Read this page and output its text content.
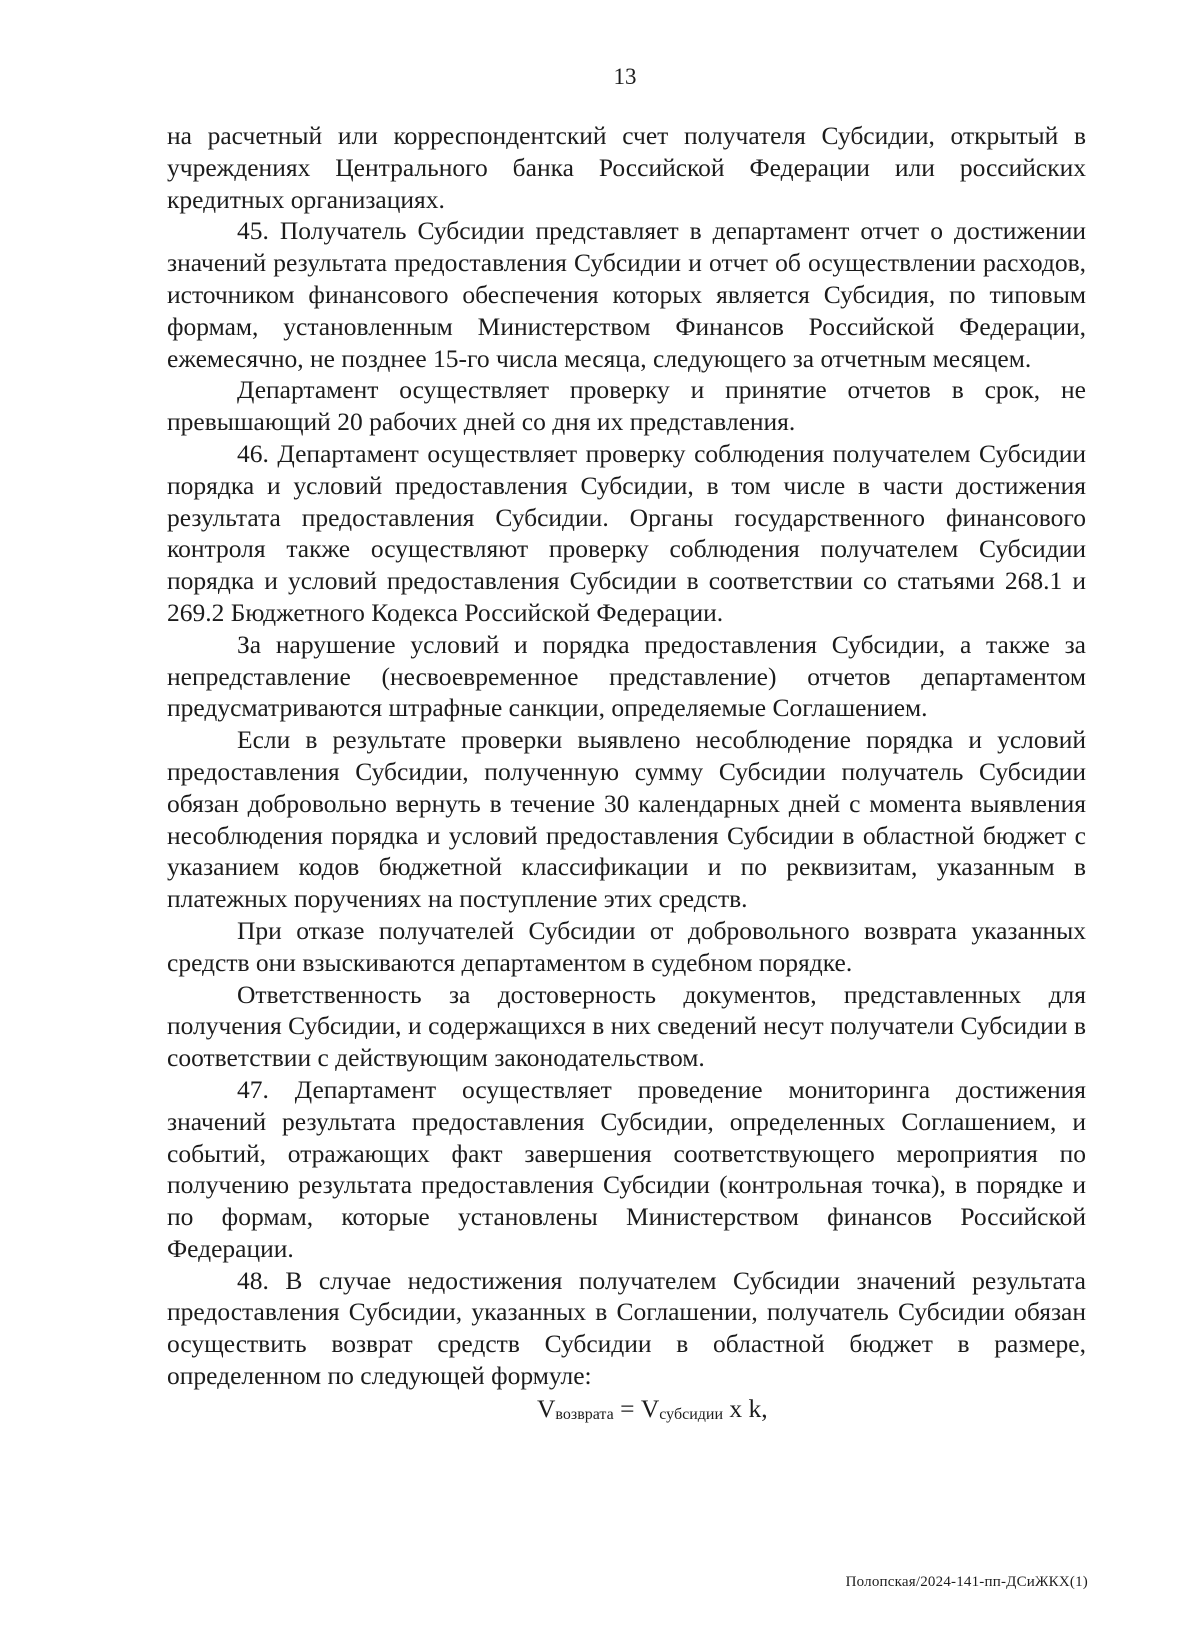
13

на расчетный или корреспондентский счет получателя Субсидии, открытый в учреждениях Центрального банка Российской Федерации или российских кредитных организациях.

45. Получатель Субсидии представляет в департамент отчет о достижении значений результата предоставления Субсидии и отчет об осуществлении расходов, источником финансового обеспечения которых является Субсидия, по типовым формам, установленным Министерством Финансов Российской Федерации, ежемесячно, не позднее 15-го числа месяца, следующего за отчетным месяцем.

Департамент осуществляет проверку и принятие отчетов в срок, не превышающий 20 рабочих дней со дня их представления.

46. Департамент осуществляет проверку соблюдения получателем Субсидии порядка и условий предоставления Субсидии, в том числе в части достижения результата предоставления Субсидии. Органы государственного финансового контроля также осуществляют проверку соблюдения получателем Субсидии порядка и условий предоставления Субсидии в соответствии со статьями 268.1 и 269.2 Бюджетного Кодекса Российской Федерации.

За нарушение условий и порядка предоставления Субсидии, а также за непредставление (несвоевременное представление) отчетов департаментом предусматриваются штрафные санкции, определяемые Соглашением.

Если в результате проверки выявлено несоблюдение порядка и условий предоставления Субсидии, полученную сумму Субсидии получатель Субсидии обязан добровольно вернуть в течение 30 календарных дней с момента выявления несоблюдения порядка и условий предоставления Субсидии в областной бюджет с указанием кодов бюджетной классификации и по реквизитам, указанным в платежных поручениях на поступление этих средств.

При отказе получателей Субсидии от добровольного возврата указанных средств они взыскиваются департаментом в судебном порядке.

Ответственность за достоверность документов, представленных для получения Субсидии, и содержащихся в них сведений несут получатели Субсидии в соответствии с действующим законодательством.

47. Департамент осуществляет проведение мониторинга достижения значений результата предоставления Субсидии, определенных Соглашением, и событий, отражающих факт завершения соответствующего мероприятия по получению результата предоставления Субсидии (контрольная точка), в порядке и по формам, которые установлены Министерством финансов Российской Федерации.

48. В случае недостижения получателем Субсидии значений результата предоставления Субсидии, указанных в Соглашении, получатель Субсидии обязан осуществить возврат средств Субсидии в областной бюджет в размере, определенном по следующей формуле:

$V_{возврата} = V_{субсидии}$ x k,

Полопская/2024-141-пп-ДСиЖКХ(1)
